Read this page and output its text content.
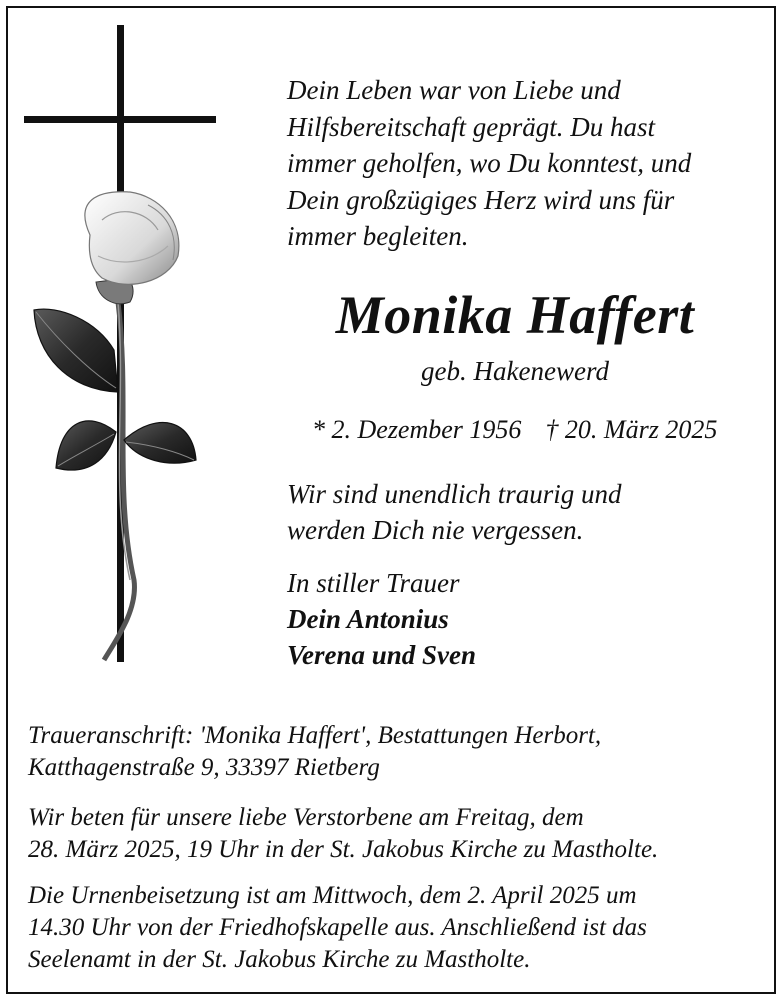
Dein Leben war von Liebe und
Hilfsbereitschaft geprägt. Du hast
immer geholfen, wo Du konntest, und
Dein großzügiges Herz wird uns für
immer begleiten.
Monika Haffert
geb. Hakenewerd
* 2. Dezember 1956 † 20. März 2025
Wir sind unendlich traurig und
werden Dich nie vergessen.
In stiller Trauer
Dein Antonius
Verena und Sven
Traueranschrift: 'Monika Haffert', Bestattungen Herbort,
Katthagenstraße 9, 33397 Rietberg
Wir beten für unsere liebe Verstorbene am Freitag, dem
28. März 2025, 19 Uhr in der St. Jakobus Kirche zu Mastholte.
Die Urnenbeisetzung ist am Mittwoch, dem 2. April 2025 um
14.30 Uhr von der Friedhofskapelle aus. Anschließend ist das
Seelenamt in der St. Jakobus Kirche zu Mastholte.
